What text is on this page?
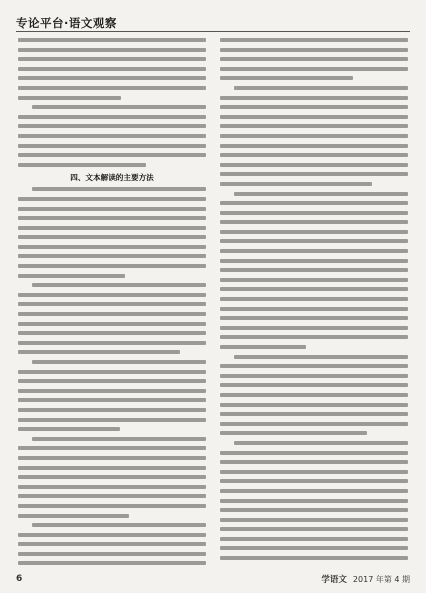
专论平台·语文观察
四、文本解读的主要方法
6	学语文 2017 年第 4 期
